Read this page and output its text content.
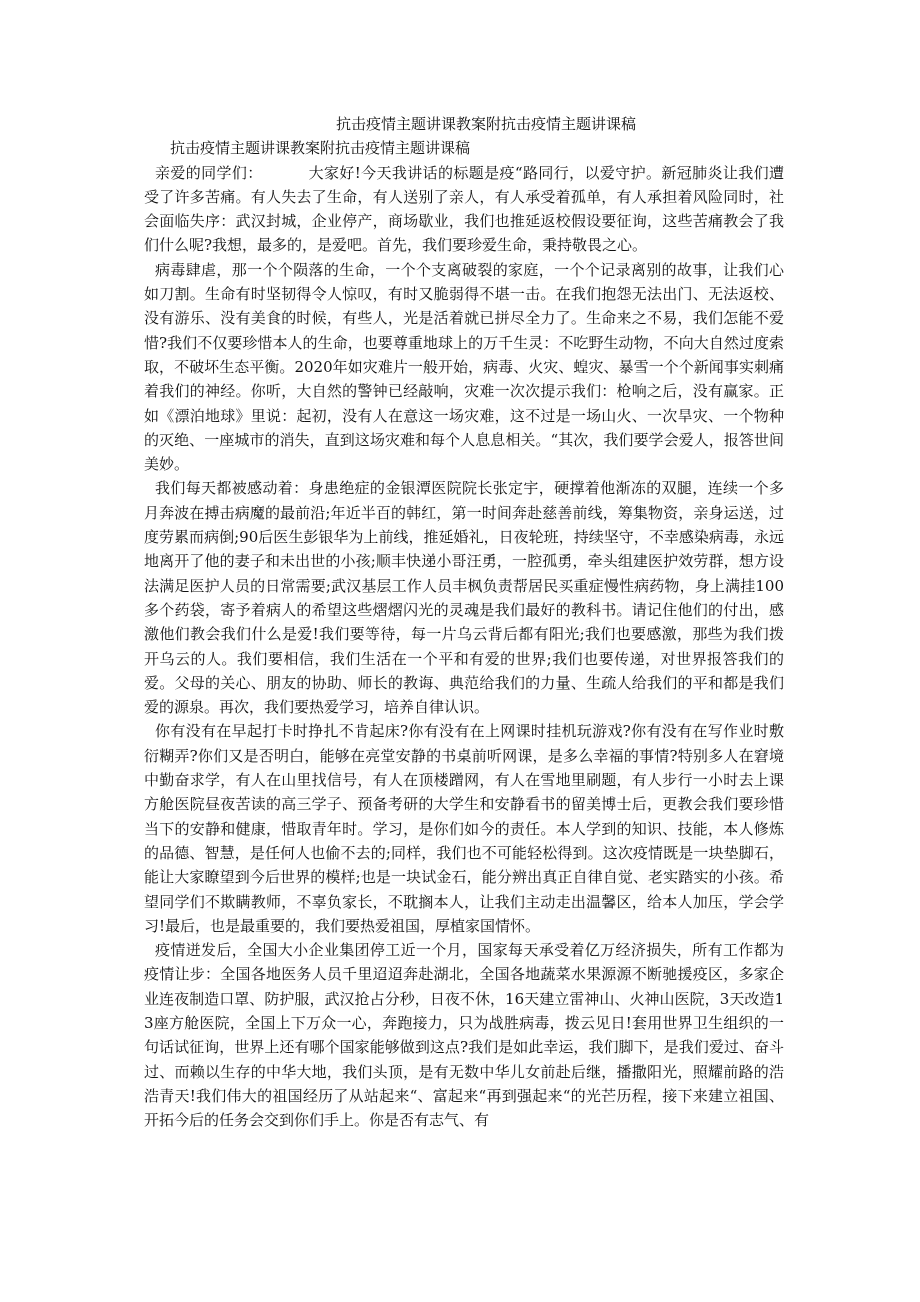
抗击疫情主题讲课教案附抗击疫情主题讲课稿

抗击疫情主题讲课教案附抗击疫情主题讲课稿

亲爱的同学们：	大家好!今天我讲话的标题是疫“路同行，以爱守护。新冠肺炎让我们遭受了许多苦痛。有人失去了生命，有人送别了亲人，有人承受着孤单，有人承担着风险同时，社会面临失序：武汉封城，企业停产，商场歇业，我们也推延返校假设要征询，这些苦痛教会了我们什么呢?我想，最多的，是爱吧。首先，我们要珍爱生命，秉持敬畏之心。

病毒肆虐，那一个个陨落的生命，一个个支离破裂的家庭，一个个记录离别的故事，让我们心如刀割。生命有时坚韧得令人惊叹，有时又脆弱得不堪一击。在我们抱怨无法出门、无法返校、没有游乐、没有美食的时候，有些人，光是活着就已拼尽全力了。生命来之不易，我们怎能不爱惜?我们不仅要珍惜本人的生命，也要尊重地球上的万千生灵：不吃野生动物，不向大自然过度索取，不破坏生态平衡。2020年如灾难片一般开始，病毒、火灾、蝗灾、暴雪一个个新闻事实刺痛着我们的神经。你听，大自然的警钟已经敲响，灾难一次次提示我们：枪响之后，没有赢家。正如《漂泊地球》里说：起初，没有人在意这一场灾难，这不过是一场山火、一次旱灾、一个物种的灭绝、一座城市的消失，直到这场灾难和每个人息息相关。“其次，我们要学会爱人，报答世间美妙。

我们每天都被感动着：身患绝症的金银潭医院院长张定宇，硬撑着他渐冻的双腿，连续一个多月奔波在搏击病魔的最前沿;年近半百的韩红，第一时间奔赴慈善前线，筹集物资，亲身运送，过度劳累而病倒;90后医生彭银华为上前线，推延婚礼，日夜轮班，持续坚守，不幸感染病毒，永远地离开了他的妻子和未出世的小孩;顺丰快递小哥汪勇，一腔孤勇，牵头组建医护效劳群，想方设法满足医护人员的日常需要;武汉基层工作人员丰枫负责帮居民买重症慢性病药物，身上满挂100多个药袋，寄予着病人的希望这些熠熠闪光的灵魂是我们最好的教科书。请记住他们的付出，感激他们教会我们什么是爱!我们要等待，每一片乌云背后都有阳光;我们也要感激，那些为我们拨开乌云的人。我们要相信，我们生活在一个平和有爱的世界;我们也要传递，对世界报答我们的爱。父母的关心、朋友的协助、师长的教诲、典范给我们的力量、生疏人给我们的平和都是我们爱的源泉。再次，我们要热爱学习，培养自律认识。

你有没有在早起打卡时挣扎不肯起床?你有没有在上网课时挂机玩游戏?你有没有在写作业时敷衍糊弄?你们又是否明白，能够在亮堂安静的书桌前听网课，是多么幸福的事情?特别多人在窘境中勤奋求学，有人在山里找信号，有人在顶楼蹭网，有人在雪地里刷题，有人步行一小时去上课方舱医院昼夜苦读的高三学子、预备考研的大学生和安静看书的留美博士后，更教会我们要珍惜当下的安静和健康，惜取青年时。学习，是你们如今的责任。本人学到的知识、技能，本人修炼的品德、智慧，是任何人也偷不去的;同样，我们也不可能轻松得到。这次疫情既是一块垫脚石，能让大家瞭望到今后世界的模样;也是一块试金石，能分辨出真正自律自觉、老实踏实的小孩。希望同学们不欺瞒教师，不辜负家长，不耽搁本人，让我们主动走出温馨区，给本人加压，学会学习!最后，也是最重要的，我们要热爱祖国，厚植家国情怀。

疫情迸发后，全国大小企业集团停工近一个月，国家每天承受着亿万经济损失，所有工作都为疫情让步：全国各地医务人员千里迢迢奔赴湖北，全国各地蔬菜水果源源不断驰援疫区，多家企业连夜制造口罩、防护服，武汉抢占分秒，日夜不休，16天建立雷神山、火神山医院，3天改造13座方舱医院，全国上下万众一心，奔跑接力，只为战胜病毒，拨云见日!套用世界卫生组织的一句话试征询，世界上还有哪个国家能够做到这点?我们是如此幸运，我们脚下，是我们爱过、奋斗过、而赖以生存的中华大地，我们头顶，是有无数中华儿女前赴后继，播撒阳光，照耀前路的浩浩青天!我们伟大的祖国经历了从站起来“、富起来“再到强起来“的光芒历程，接下来建立祖国、开拓今后的任务会交到你们手上。你是否有志气、有
